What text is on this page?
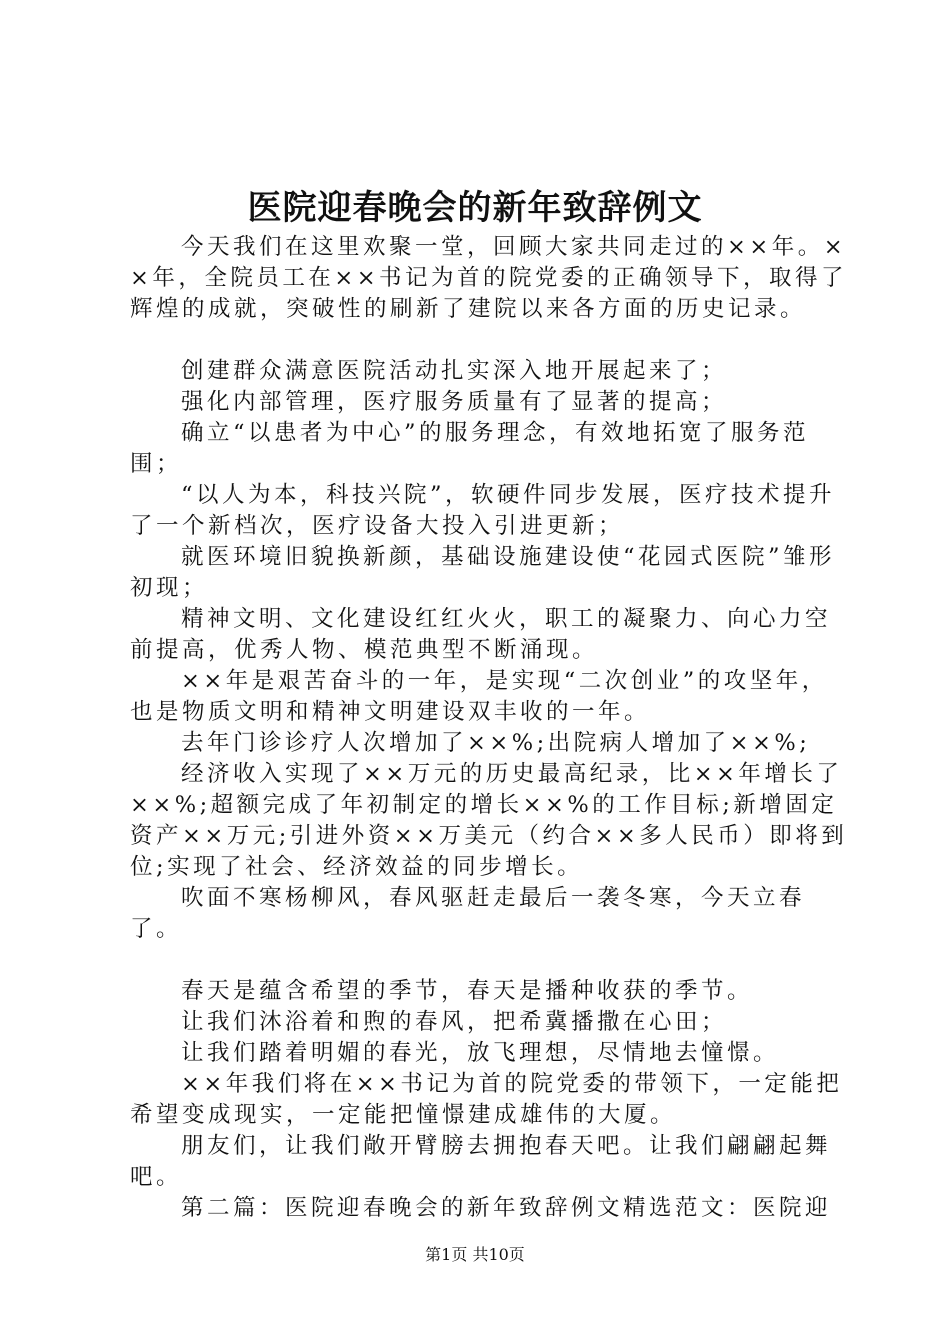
医院迎春晚会的新年致辞例文

今天我们在这里欢聚一堂，回顾大家共同走过的××年。××年，全院员工在××书记为首的院党委的正确领导下，取得了辉煌的成就，突破性的刷新了建院以来各方面的历史记录。

创建群众满意医院活动扎实深入地开展起来了；

强化内部管理，医疗服务质量有了显著的提高；

确立“以患者为中心”的服务理念，有效地拓宽了服务范围；

“以人为本，科技兴院”，软硬件同步发展，医疗技术提升了一个新档次，医疗设备大投入引进更新；

就医环境旧貌换新颜，基础设施建设使“花园式医院”雏形初现；

精神文明、文化建设红红火火，职工的凝聚力、向心力空前提高，优秀人物、模范典型不断涌现。

××年是艰苦奋斗的一年，是实现“二次创业”的攻坚年，也是物质文明和精神文明建设双丰收的一年。

去年门诊诊疗人次增加了××%;出院病人增加了××%;

经济收入实现了××万元的历史最高纪录，比××年增长了××%;超额完成了年初制定的增长××%的工作目标;新增固定资产××万元;引进外资××万美元（约合××多人民币）即将到位;实现了社会、经济效益的同步增长。

吹面不寒杨柳风，春风驱赶走最后一袭冬寒，今天立春了。

春天是蕴含希望的季节，春天是播种收获的季节。

让我们沐浴着和煦的春风，把希冀播撒在心田；

让我们踏着明媚的春光，放飞理想，尽情地去憧憬。

××年我们将在××书记为首的院党委的带领下，一定能把希望变成现实，一定能把憧憬建成雄伟的大厦。

朋友们，让我们敞开臂膀去拥抱春天吧。让我们翩翩起舞吧。

第二篇：医院迎春晚会的新年致辞例文精选范文：医院迎

第1页 共10页
